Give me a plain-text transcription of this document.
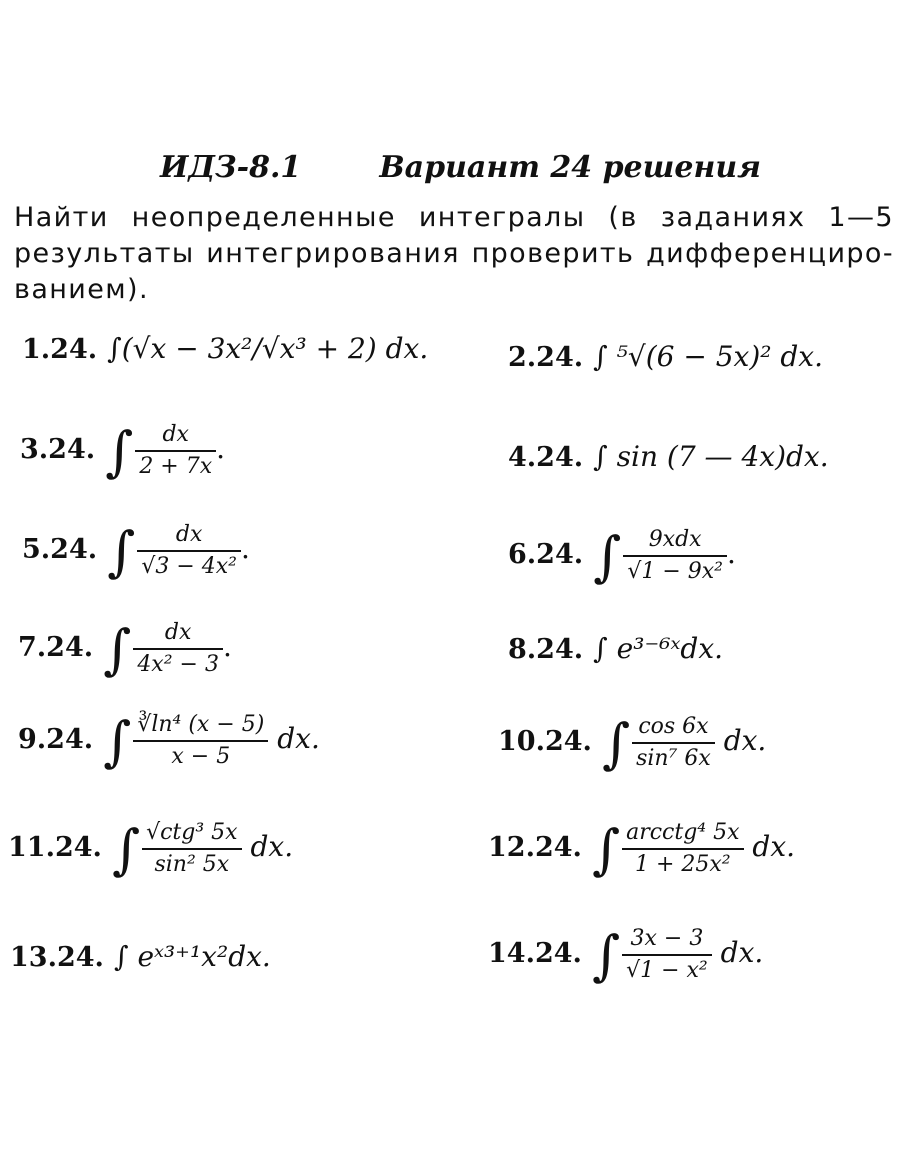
ИДЗ-8.1	Вариант 24 решения
Найти неопределенные интегралы (в заданиях 1—5
результаты интегрирования проверить дифференциро-
ванием).
1.24. ∫(√x − 3x²/√x³ + 2) dx.	2.24. ∫ ⁵√(6 − 5x)² dx.
3.24. ∫ $\frac{dx}{2 + 7x}$ .	4.24. ∫ sin (7 — 4x)dx.
5.24. ∫ $\frac{dx}{\text{√3 − 4x²}}$ .	6.24. ∫ $\frac{\text{9xdx}}{\text{√1 − 9x²}}$ .
7.24. ∫ $\frac{dx}{\text{4x² − 3}}$ .	8.24. ∫ e³⁻⁶ˣdx.
9.24. ∫ $\frac{\text{∛ln⁴ (x − 5)}}{x - 5}$ dx.	10.24. ∫ $\frac{\cos 6x}{\text{sin⁷ 6x}}$ dx.
11.24. ∫ $\frac{\text{√ctg³ 5x}}{\text{sin² 5x}}$ dx.	12.24. ∫ $\frac{\text{arcctg⁴ 5x}}{\text{1 + 25x²}}$ dx.
13.24. ∫ eˣ³⁺¹x²dx.	14.24. ∫ $\frac{3x - 3}{\text{√1 − x²}}$ dx.
